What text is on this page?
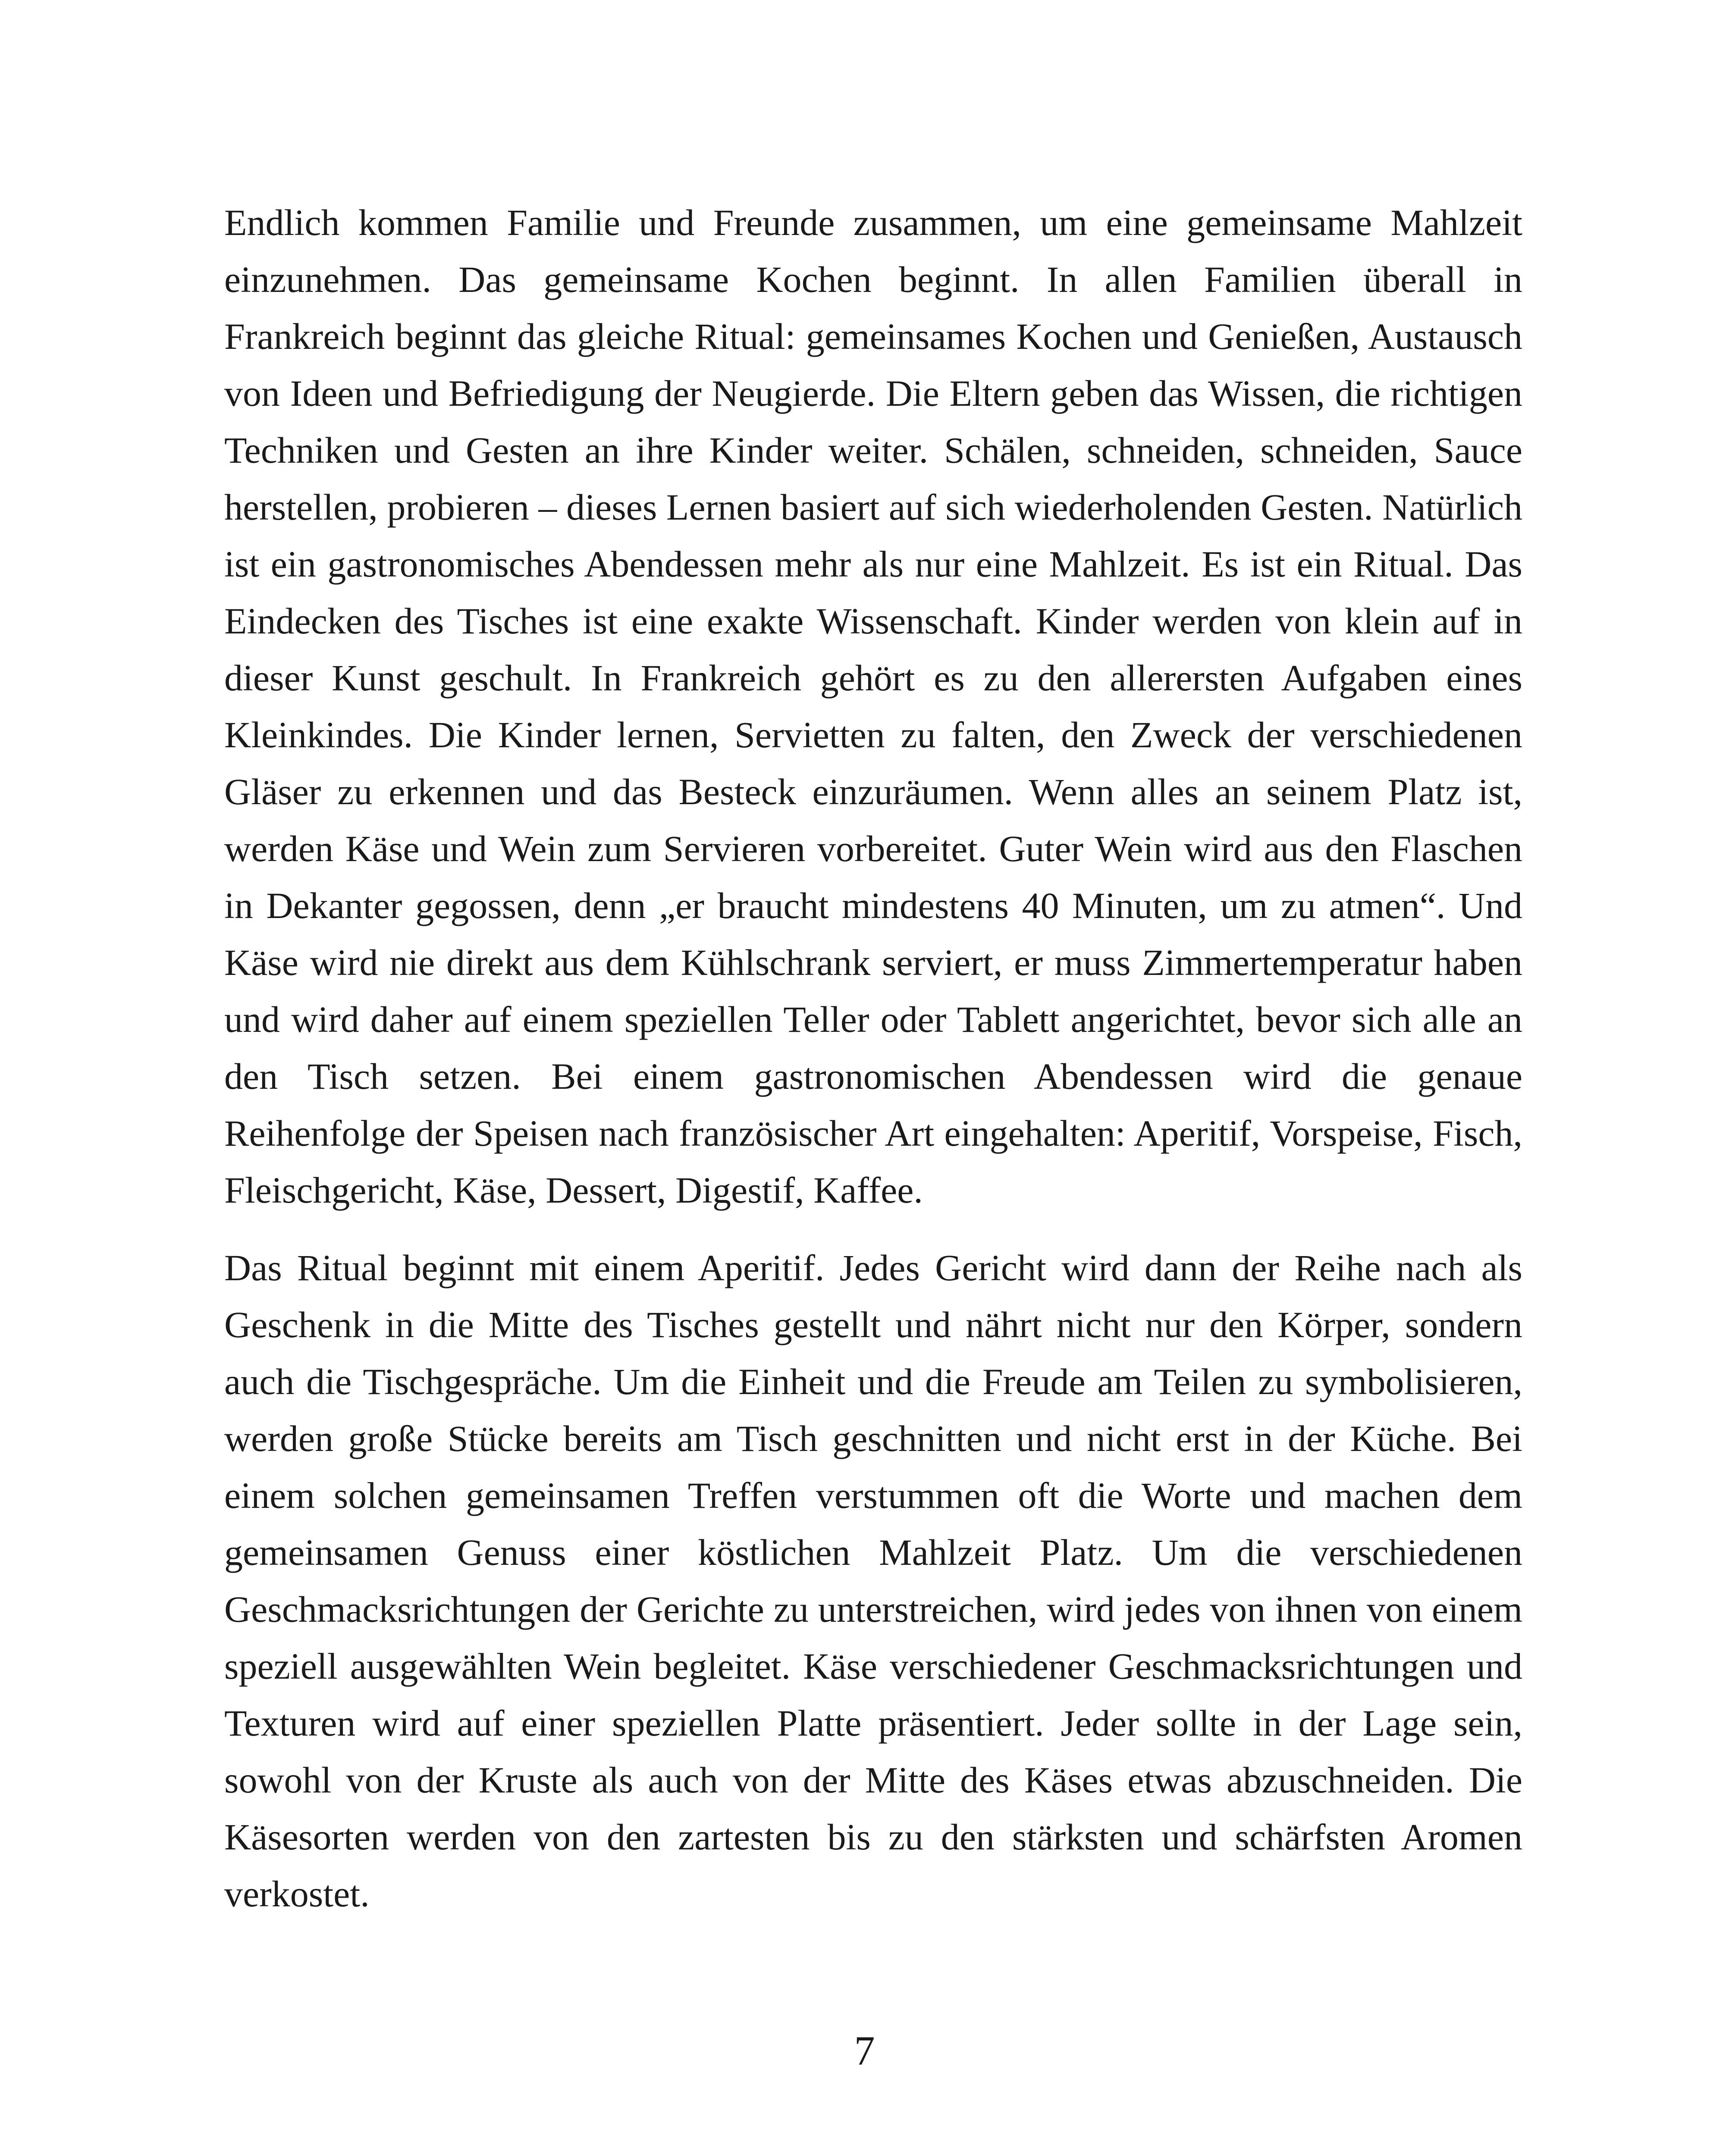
Endlich kommen Familie und Freunde zusammen, um eine gemeinsame Mahlzeit einzunehmen. Das gemeinsame Kochen beginnt. In allen Familien überall in Frankreich beginnt das gleiche Ritual: gemeinsames Kochen und Genießen, Austausch von Ideen und Befriedigung der Neugierde. Die Eltern geben das Wissen, die richtigen Techniken und Gesten an ihre Kinder weiter. Schälen, schneiden, schneiden, Sauce herstellen, probieren – dieses Lernen basiert auf sich wiederholenden Gesten. Natürlich ist ein gastronomisches Abendessen mehr als nur eine Mahlzeit. Es ist ein Ritual. Das Eindecken des Tisches ist eine exakte Wissenschaft. Kinder werden von klein auf in dieser Kunst geschult. In Frankreich gehört es zu den allerersten Aufgaben eines Kleinkindes. Die Kinder lernen, Servietten zu falten, den Zweck der verschiedenen Gläser zu erkennen und das Besteck einzuräumen. Wenn alles an seinem Platz ist, werden Käse und Wein zum Servieren vorbereitet. Guter Wein wird aus den Flaschen in Dekanter gegossen, denn „er braucht mindestens 40 Minuten, um zu atmen“. Und Käse wird nie direkt aus dem Kühlschrank serviert, er muss Zimmertemperatur haben und wird daher auf einem speziellen Teller oder Tablett angerichtet, bevor sich alle an den Tisch setzen. Bei einem gastronomischen Abendessen wird die genaue Reihenfolge der Speisen nach französischer Art eingehalten: Aperitif, Vorspeise, Fisch, Fleischgericht, Käse, Dessert, Digestif, Kaffee.

Das Ritual beginnt mit einem Aperitif. Jedes Gericht wird dann der Reihe nach als Geschenk in die Mitte des Tisches gestellt und nährt nicht nur den Körper, sondern auch die Tischgespräche. Um die Einheit und die Freude am Teilen zu symbolisieren, werden große Stücke bereits am Tisch geschnitten und nicht erst in der Küche. Bei einem solchen gemeinsamen Treffen verstummen oft die Worte und machen dem gemeinsamen Genuss einer köstlichen Mahlzeit Platz. Um die verschiedenen Geschmacksrichtungen der Gerichte zu unterstreichen, wird jedes von ihnen von einem speziell ausgewählten Wein begleitet. Käse verschiedener Geschmacksrichtungen und Texturen wird auf einer speziellen Platte präsentiert. Jeder sollte in der Lage sein, sowohl von der Kruste als auch von der Mitte des Käses etwas abzuschneiden. Die Käsesorten werden von den zartesten bis zu den stärksten und schärfsten Aromen verkostet.

7
